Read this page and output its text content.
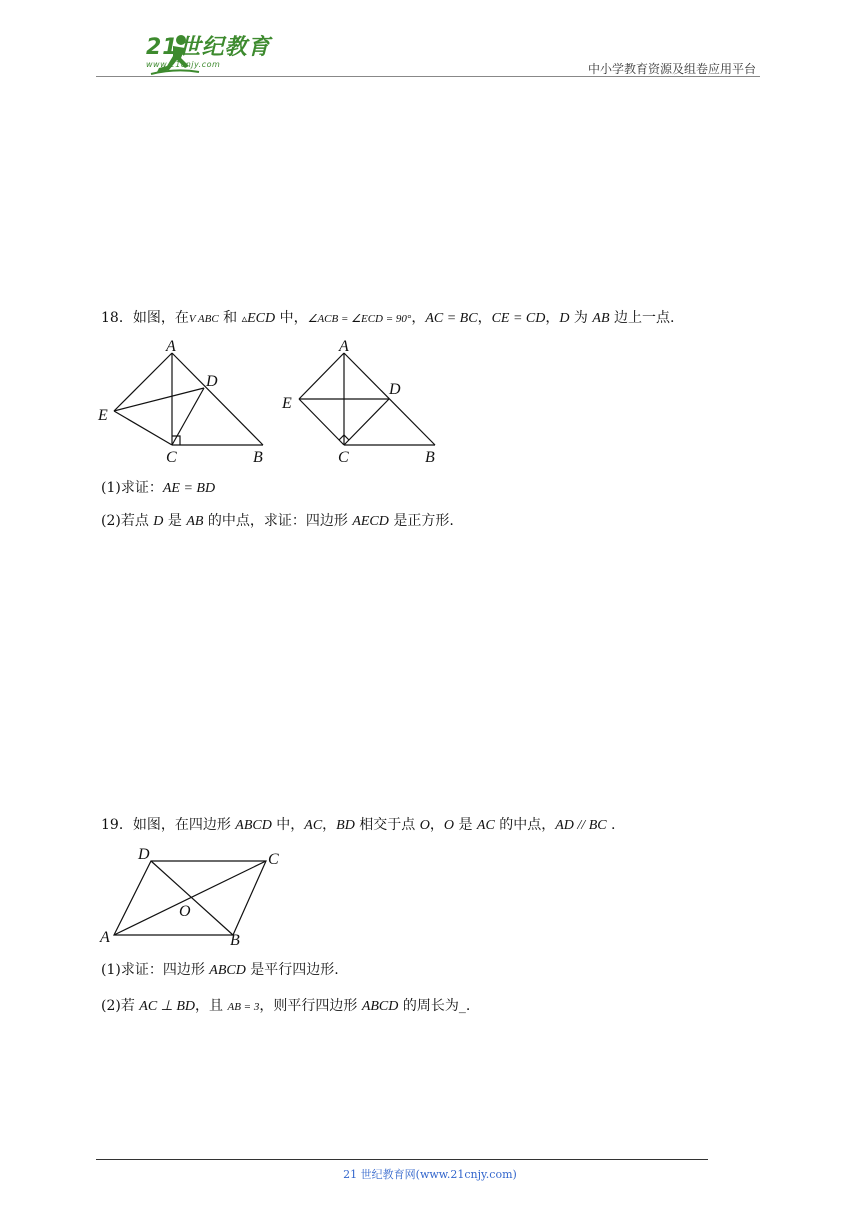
21世纪教育
www.21cnjy.com	中小学教育资源及组卷应用平台
18．如图，在V ABC 和 ▵ECD 中，∠ACB = ∠ECD = 90°，AC = BC，CE = CD，D 为 AB 边上一点.
A
D
E
C	B
A
D
E
C	B
(1)求证：AE = BD
(2)若点 D 是 AB 的中点，求证：四边形 AECD 是正方形.
19．如图，在四边形 ABCD 中，AC，BD 相交于点 O，O 是 AC 的中点，AD // BC .
D	C
O
A	B
(1)求证：四边形 ABCD 是平行四边形.
(2)若 AC ⊥ BD，且 AB = 3，则平行四边形 ABCD 的周长为_.
21 世纪教育网(www.21cnjy.com)
